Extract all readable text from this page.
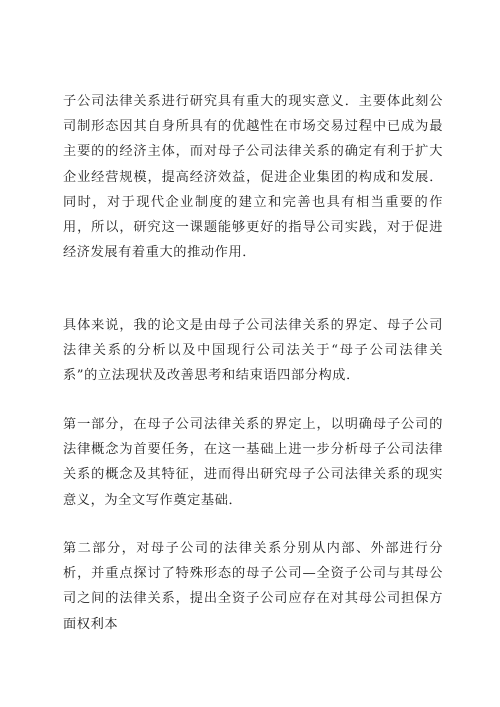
子公司法律关系进行研究具有重大的现实意义．主要体此刻公司制形态因其自身所具有的优越性在市场交易过程中已成为最主要的的经济主体，而对母子公司法律关系的确定有利于扩大企业经营规模，提高经济效益，促进企业集团的构成和发展．同时，对于现代企业制度的建立和完善也具有相当重要的作用，所以，研究这一课题能够更好的指导公司实践，对于促进经济发展有着重大的推动作用．

具体来说，我的论文是由母子公司法律关系的界定、母子公司法律关系的分析以及中国现行公司法关于“母子公司法律关系”的立法现状及改善思考和结束语四部分构成．

第一部分，在母子公司法律关系的界定上，以明确母子公司的法律概念为首要任务，在这一基础上进一步分析母子公司法律关系的概念及其特征，进而得出研究母子公司法律关系的现实意义，为全文写作奠定基础．

第二部分，对母子公司的法律关系分别从内部、外部进行分析，并重点探讨了特殊形态的母子公司—全资子公司与其母公司之间的法律关系，提出全资子公司应存在对其母公司担保方面权利本
